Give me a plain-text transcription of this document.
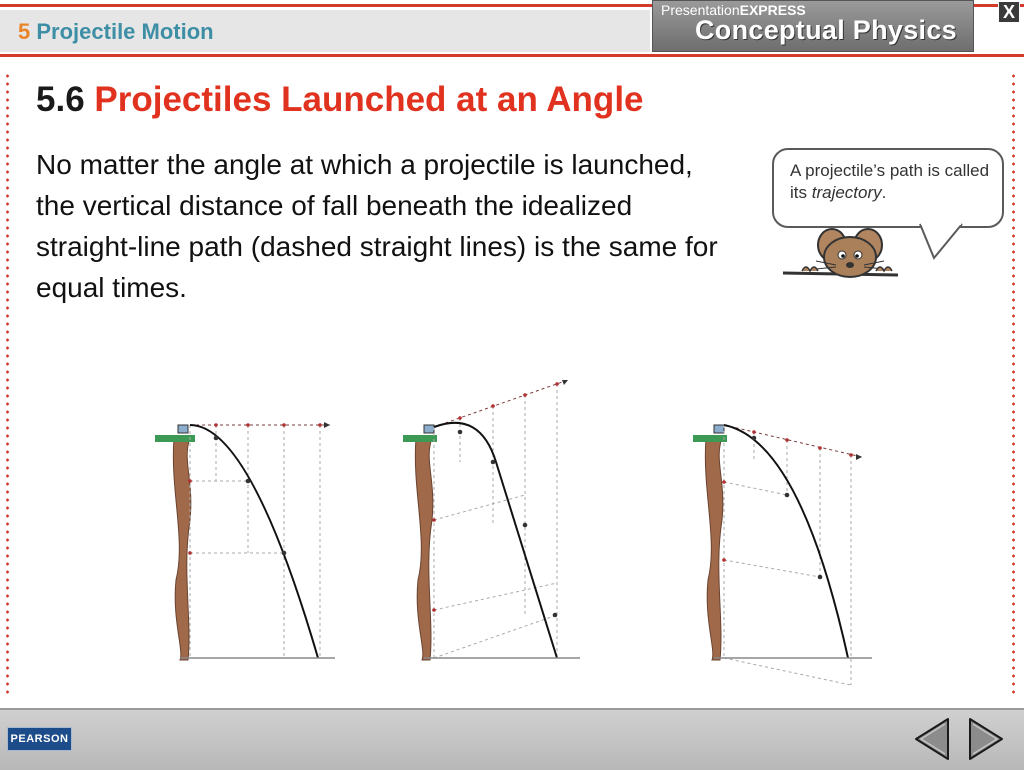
5 Projectile Motion
PresentationEXPRESS
Conceptual Physics
X
5.6 Projectiles Launched at an Angle
No matter the angle at which a projectile is launched, the vertical distance of fall beneath the idealized straight-line path (dashed straight lines) is the same for equal times.
A projectile’s path is called its trajectory.
PEARSON
